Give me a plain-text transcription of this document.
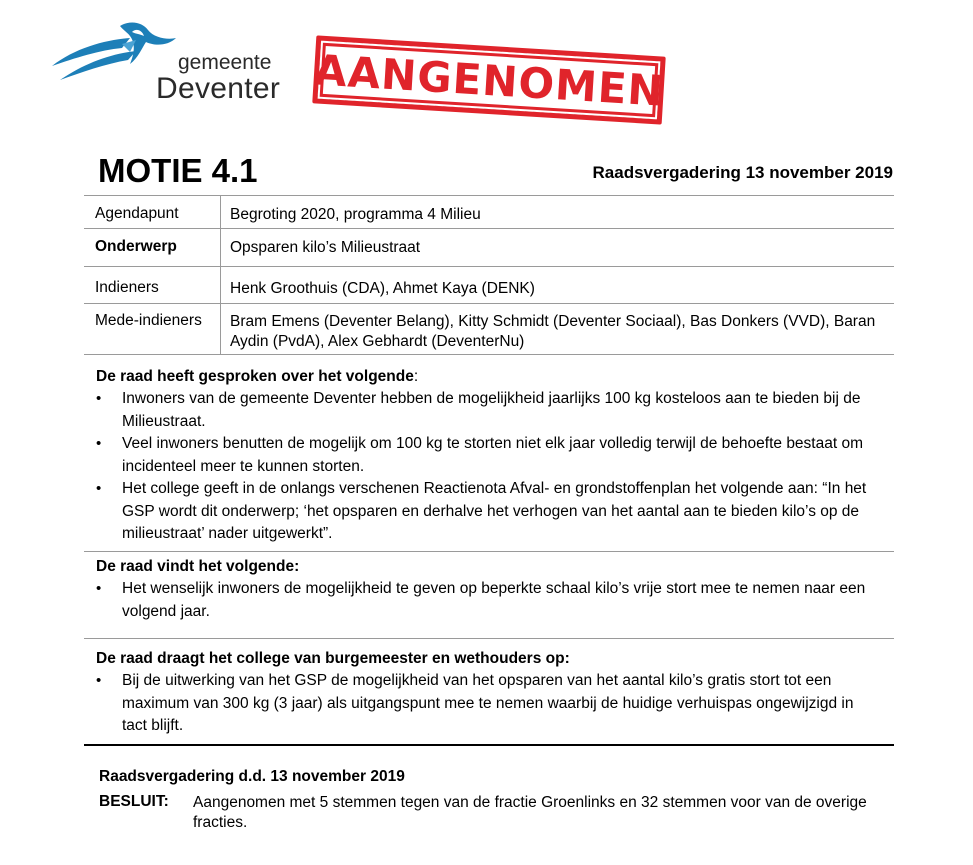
gemeente
Deventer AANGENOMEN
MOTIE 4.1	Raadsvergadering 13 november 2019
Agendapunt	Begroting 2020, programma 4 Milieu
Onderwerp	Opsparen kilo’s Milieustraat
Indieners	Henk Groothuis (CDA), Ahmet Kaya (DENK)
Mede-indieners Bram Emens (Deventer Belang), Kitty Schmidt (Deventer Sociaal), Bas Donkers (VVD), Baran Aydin (PvdA), Alex Gebhardt (DeventerNu)
De raad heeft gesproken over het volgende:
• Inwoners van de gemeente Deventer hebben de mogelijkheid jaarlijks 100 kg kosteloos aan te bieden bij de Milieustraat.
• Veel inwoners benutten de mogelijk om 100 kg te storten niet elk jaar volledig terwijl de behoefte bestaat om incidenteel meer te kunnen storten.
• Het college geeft in de onlangs verschenen Reactienota Afval- en grondstoffenplan het volgende aan: “In het GSP wordt dit onderwerp; ‘het opsparen en derhalve het verhogen van het aantal aan te bieden kilo’s op de milieustraat’ nader uitgewerkt”.
De raad vindt het volgende:
• Het wenselijk inwoners de mogelijkheid te geven op beperkte schaal kilo’s vrije stort mee te nemen naar een volgend jaar.
De raad draagt het college van burgemeester en wethouders op:
• Bij de uitwerking van het GSP de mogelijkheid van het opsparen van het aantal kilo’s gratis stort tot een maximum van 300 kg (3 jaar) als uitgangspunt mee te nemen waarbij de huidige verhuispas ongewijzigd in tact blijft.
Raadsvergadering d.d. 13 november 2019
BESLUIT: Aangenomen met 5 stemmen tegen van de fractie Groenlinks en 32 stemmen voor van de overige fracties.
